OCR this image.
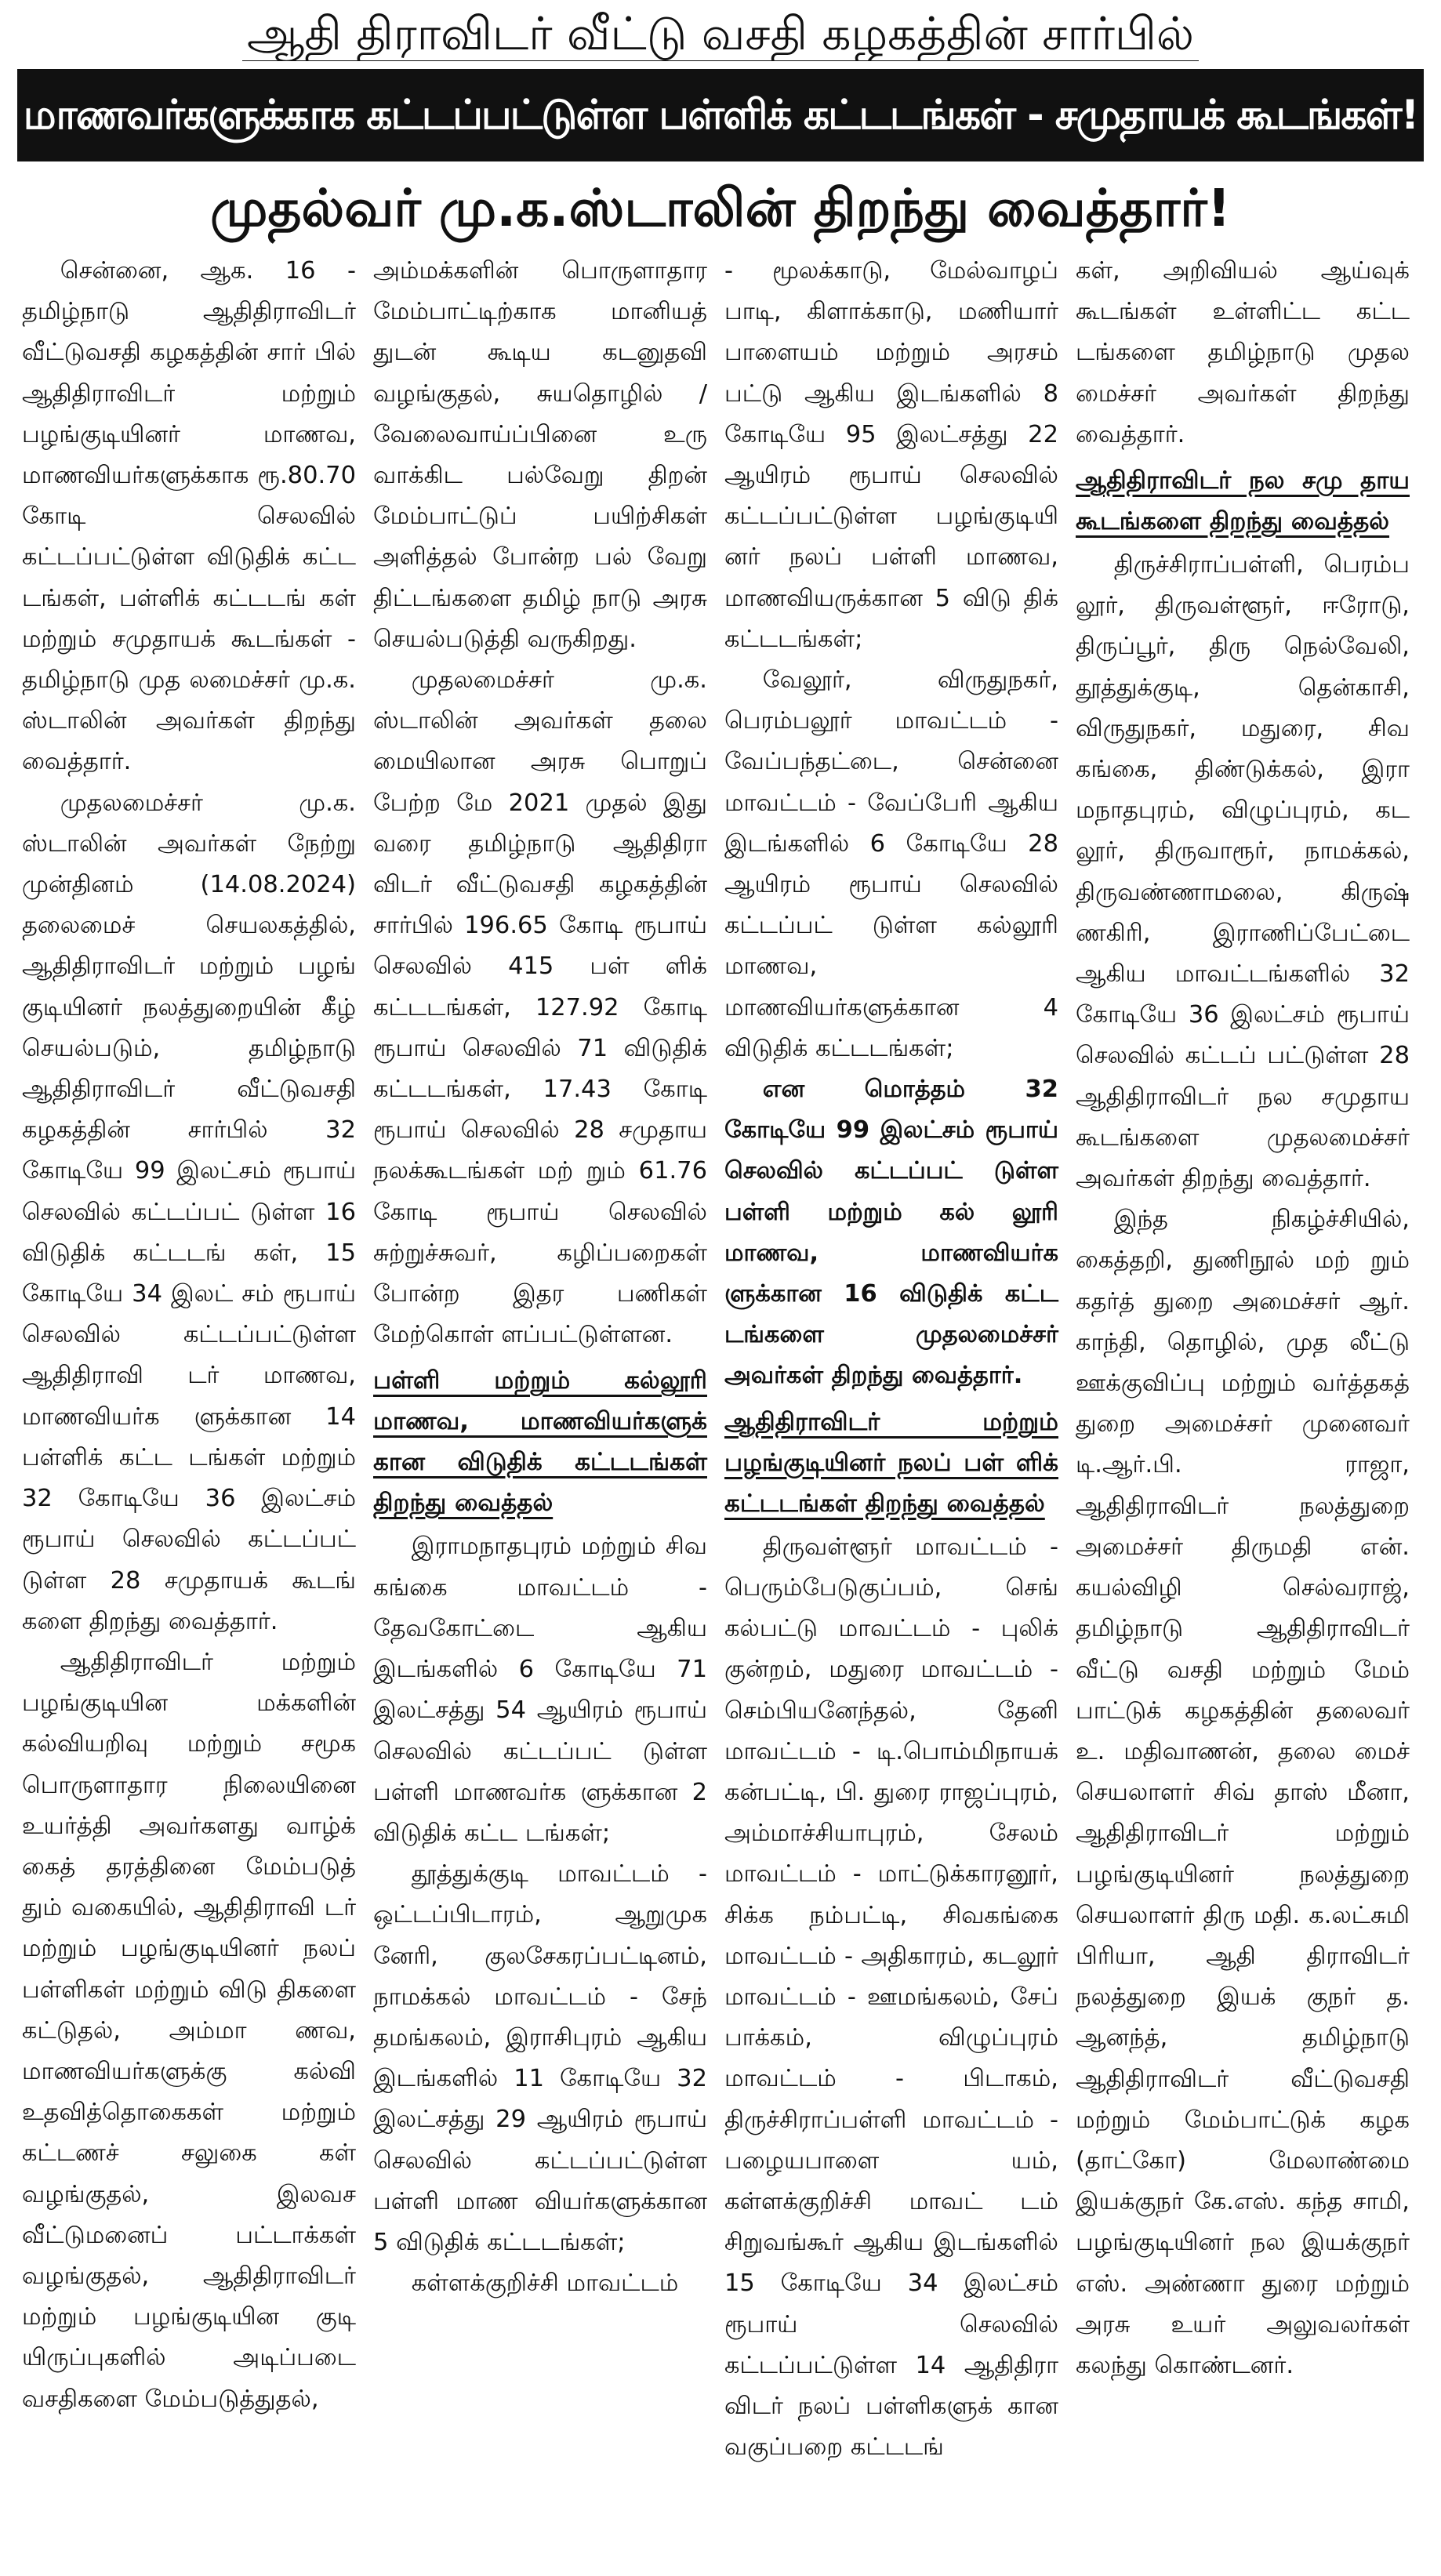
ஆதி திராவிடர் வீட்டு வசதி கழகத்தின் சார்பில்
மாணவர்களுக்காக கட்டப்பட்டுள்ள பள்ளிக் கட்டடங்கள் - சமுதாயக் கூடங்கள்!
முதல்வர் மு.க.ஸ்டாலின் திறந்து வைத்தார்!

சென்னை, ஆக. 16 - தமிழ்நாடு ஆதிதிராவிடர் வீட்டுவசதி கழகத்தின் சார் பில் ஆதிதிராவிடர் மற்றும் பழங்குடியினர் மாணவ, மாணவியர்களுக்காக ரூ.80.70 கோடி செலவில் கட்டப்பட்டுள்ள விடுதிக் கட்ட டங்கள், பள்ளிக் கட்டடங் கள் மற்றும் சமுதாயக் கூடங்கள் - தமிழ்நாடு முத லமைச்சர் மு.க. ஸ்டாலின் அவர்கள் திறந்து வைத்தார்.

முதலமைச்சர் மு.க. ஸ்டாலின் அவர்கள் நேற்று முன்தினம் (14.08.2024) தலைமைச் செயலகத்தில், ஆதிதிராவிடர் மற்றும் பழங் குடியினர் நலத்துறையின் கீழ் செயல்படும், தமிழ்நாடு ஆதிதிராவிடர் வீட்டுவசதி கழகத்தின் சார்பில் 32 கோடியே 99 இலட்சம் ரூபாய் செலவில் கட்டப்பட் டுள்ள 16 விடுதிக் கட்டடங் கள், 15 கோடியே 34 இலட் சம் ரூபாய் செலவில் கட்டப்பட்டுள்ள ஆதிதிராவி டர் மாணவ, மாணவியர்க ளுக்கான 14 பள்ளிக் கட்ட டங்கள் மற்றும் 32 கோடியே 36 இலட்சம் ரூபாய் செலவில் கட்டப்பட் டுள்ள 28 சமுதாயக் கூடங் களை திறந்து வைத்தார்.

ஆதிதிராவிடர் மற்றும் பழங்குடியின மக்களின் கல்வியறிவு மற்றும் சமூக பொருளாதார நிலையினை உயர்த்தி அவர்களது வாழ்க் கைத் தரத்தினை மேம்படுத் தும் வகையில், ஆதிதிராவி டர் மற்றும் பழங்குடியினர் நலப் பள்ளிகள் மற்றும் விடு திகளை கட்டுதல், அம்மா ணவ, மாணவியர்களுக்கு கல்வி உதவித்தொகைகள் மற்றும் கட்டணச் சலுகை கள் வழங்குதல், இலவச வீட்டுமனைப் பட்டாக்கள் வழங்குதல், ஆதிதிராவிடர் மற்றும் பழங்குடியின குடி யிருப்புகளில் அடிப்படை வசதிகளை மேம்படுத்துதல்,

அம்மக்களின் பொருளாதார மேம்பாட்டிற்காக மானியத் துடன் கூடிய கடனுதவி வழங்குதல், சுயதொழில் / வேலைவாய்ப்பினை உரு வாக்கிட பல்வேறு திறன் மேம்பாட்டுப் பயிற்சிகள் அளித்தல் போன்ற பல் வேறு திட்டங்களை தமிழ் நாடு அரசு செயல்படுத்தி வருகிறது.

முதலமைச்சர் மு.க. ஸ்டாலின் அவர்கள் தலை மையிலான அரசு பொறுப் பேற்ற மே 2021 முதல் இது வரை தமிழ்நாடு ஆதிதிரா விடர் வீட்டுவசதி கழகத்தின் சார்பில் 196.65 கோடி ரூபாய் செலவில் 415 பள் ளிக் கட்டடங்கள், 127.92 கோடி ரூபாய் செலவில் 71 விடுதிக் கட்டடங்கள், 17.43 கோடி ரூபாய் செலவில் 28 சமுதாய நலக்கூடங்கள் மற் றும் 61.76 கோடி ரூபாய் செலவில் சுற்றுச்சுவர், கழிப்பறைகள் போன்ற இதர பணிகள் மேற்கொள் ளப்பட்டுள்ளன.

பள்ளி மற்றும் கல்லூரி மாணவ, மாணவியர்களுக் கான விடுதிக் கட்டடங்கள் திறந்து வைத்தல்

இராமநாதபுரம் மற்றும் சிவ கங்கை மாவட்டம் - தேவகோட்டை ஆகிய இடங்களில் 6 கோடியே 71 இலட்சத்து 54 ஆயிரம் ரூபாய் செலவில் கட்டப்பட் டுள்ள பள்ளி மாணவர்க ளுக்கான 2 விடுதிக் கட்ட டங்கள்;

தூத்துக்குடி மாவட்டம் - ஒட்டப்பிடாரம், ஆறுமுக னேரி, குலசேகரப்பட்டினம், நாமக்கல் மாவட்டம் - சேந் தமங்கலம், இராசிபுரம் ஆகிய இடங்களில் 11 கோடியே 32 இலட்சத்து 29 ஆயிரம் ரூபாய் செலவில் கட்டப்பட்டுள்ள பள்ளி மாண வியர்களுக்கான 5 விடுதிக் கட்டடங்கள்;

கள்ளக்குறிச்சி மாவட்டம்

- மூலக்காடு, மேல்வாழப் பாடி, கிளாக்காடு, மணியார் பாளையம் மற்றும் அரசம் பட்டு ஆகிய இடங்களில் 8 கோடியே 95 இலட்சத்து 22 ஆயிரம் ரூபாய் செலவில் கட்டப்பட்டுள்ள பழங்குடியி னர் நலப் பள்ளி மாணவ, மாணவியருக்கான 5 விடு திக் கட்டடங்கள்;

வேலூர், விருதுநகர், பெரம்பலூர் மாவட்டம் - வேப்பந்தட்டை, சென்னை மாவட்டம் - வேப்பேரி ஆகிய இடங்களில் 6 கோடியே 28 ஆயிரம் ரூபாய் செலவில் கட்டப்பட் டுள்ள கல்லூரி மாணவ, மாணவியர்களுக்கான 4 விடுதிக் கட்டடங்கள்;

என மொத்தம் 32 கோடியே 99 இலட்சம் ரூபாய் செலவில் கட்டப்பட் டுள்ள பள்ளி மற்றும் கல் லூரி மாணவ, மாணவியர்க ளுக்கான 16 விடுதிக் கட்ட டங்களை முதலமைச்சர் அவர்கள் திறந்து வைத்தார்.

ஆதிதிராவிடர் மற்றும் பழங்குடியினர் நலப் பள் ளிக் கட்டடங்கள் திறந்து வைத்தல்

திருவள்ளூர் மாவட்டம் - பெரும்பேடுகுப்பம், செங் கல்பட்டு மாவட்டம் - புலிக் குன்றம், மதுரை மாவட்டம் - செம்பியனேந்தல், தேனி மாவட்டம் - டி.பொம்மிநாயக் கன்பட்டி, பி. துரை ராஜப்புரம், அம்மாச்சியாபுரம், சேலம் மாவட்டம் - மாட்டுக்காரனூர், சிக்க நம்பட்டி, சிவகங்கை மாவட்டம் - அதிகாரம், கடலூர் மாவட்டம் - ஊமங்கலம், சேப் பாக்கம், விழுப்புரம் மாவட்டம் - பிடாகம், திருச்சிராப்பள்ளி மாவட்டம் - பழையபாளை யம், கள்ளக்குறிச்சி மாவட் டம் சிறுவங்கூர் ஆகிய இடங்களில் 15 கோடியே 34 இலட்சம் ரூபாய் செலவில் கட்டப்பட்டுள்ள 14 ஆதிதிரா விடர் நலப் பள்ளிகளுக் கான வகுப்பறை கட்டடங்

கள், அறிவியல் ஆய்வுக் கூடங்கள் உள்ளிட்ட கட்ட டங்களை தமிழ்நாடு முதல மைச்சர் அவர்கள் திறந்து வைத்தார்.

ஆதிதிராவிடர் நல சமு தாய கூடங்களை திறந்து வைத்தல்

திருச்சிராப்பள்ளி, பெரம்ப லூர், திருவள்ளூர், ஈரோடு, திருப்பூர், திரு நெல்வேலி, தூத்துக்குடி, தென்காசி, விருதுநகர், மதுரை, சிவ கங்கை, திண்டுக்கல், இரா மநாதபுரம், விழுப்புரம், கட லூர், திருவாரூர், நாமக்கல், திருவண்ணாமலை, கிருஷ் ணகிரி, இராணிப்பேட்டை ஆகிய மாவட்டங்களில் 32 கோடியே 36 இலட்சம் ரூபாய் செலவில் கட்டப் பட்டுள்ள 28 ஆதிதிராவிடர் நல சமுதாய கூடங்களை முதலமைச்சர் அவர்கள் திறந்து வைத்தார்.

இந்த நிகழ்ச்சியில், கைத்தறி, துணிநூல் மற் றும் கதர்த் துறை அமைச்சர் ஆர். காந்தி, தொழில், முத லீட்டு ஊக்குவிப்பு மற்றும் வர்த்தகத் துறை அமைச்சர் முனைவர் டி.ஆர்.பி. ராஜா, ஆதிதிராவிடர் நலத்துறை அமைச்சர் திருமதி என். கயல்விழி செல்வராஜ், தமிழ்நாடு ஆதிதிராவிடர் வீட்டு வசதி மற்றும் மேம் பாட்டுக் கழகத்தின் தலைவர் உ. மதிவாணன், தலை மைச் செயலாளர் சிவ் தாஸ் மீனா, ஆதிதிராவிடர் மற்றும் பழங்குடியினர் நலத்துறை செயலாளர் திரு மதி. க.லட்சுமி பிரியா, ஆதி திராவிடர் நலத்துறை இயக் குநர் த. ஆனந்த், தமிழ்நாடு ஆதிதிராவிடர் வீட்டுவசதி மற்றும் மேம்பாட்டுக் கழக (தாட்கோ) மேலாண்மை இயக்குநர் கே.எஸ். கந்த சாமி, பழங்குடியினர் நல இயக்குநர் எஸ். அண்ணா துரை மற்றும் அரசு உயர் அலுவலர்கள் கலந்து கொண்டனர்.
